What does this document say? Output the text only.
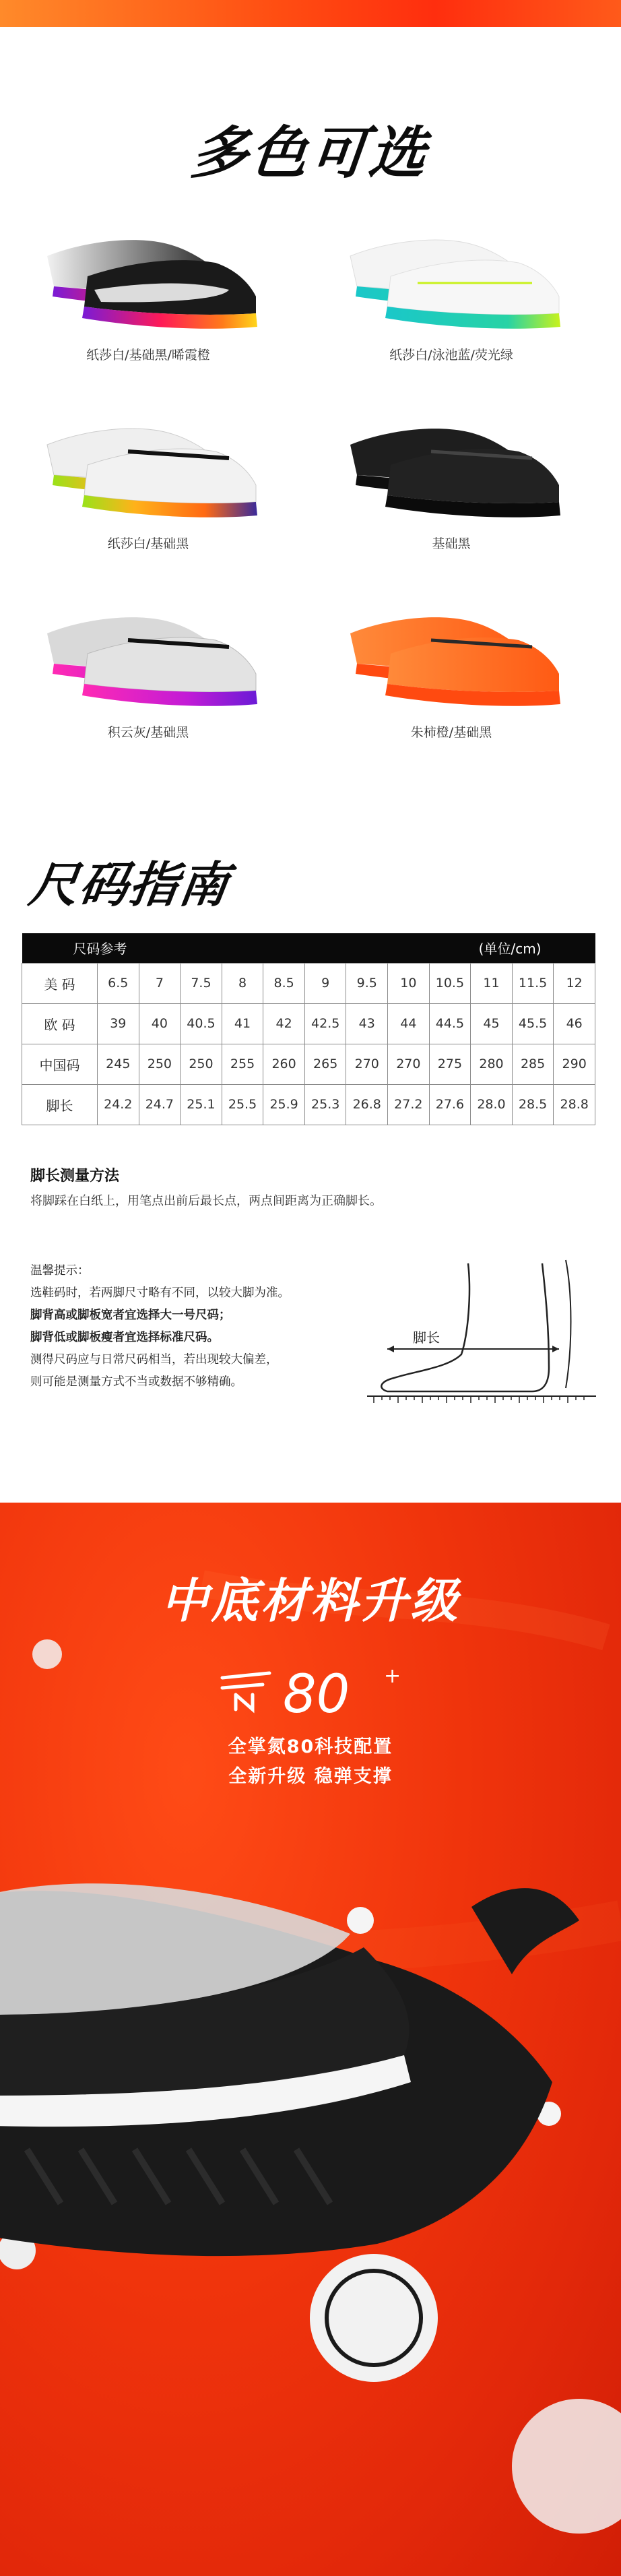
多色可选
纸莎白/基础黑/晞霞橙	纸莎白/泳池蓝/荧光绿
纸莎白/基础黑	基础黑
积云灰/基础黑	朱柿橙/基础黑
尺码指南
尺码参考								(单位/cm)				
美 码	6.5	7	7.5	8	8.5	9	9.5	10	10.5	11	11.5	12
欧 码	39	40	40.5	41	42	42.5	43	44	44.5	45	45.5	46
中国码	245	250	250	255	260	265	270	270	275	280	285	290
脚长	24.2	24.7	25.1	25.5	25.9	25.3	26.8	27.2	27.6	28.0	28.5	28.8
脚长测量方法
将脚踩在白纸上，用笔点出前后最长点，两点间距离为正确脚长。
温馨提示：
选鞋码时，若两脚尺寸略有不同，以较大脚为准。
脚背高或脚板宽者宜选择大一号尺码；
脚背低或脚板瘦者宜选择标准尺码。
测得尺码应与日常尺码相当，若出现较大偏差，
则可能是测量方式不当或数据不够精确。
脚长
中底材料升级
80 +
全掌氮80科技配置
全新升级 稳弹支撑
